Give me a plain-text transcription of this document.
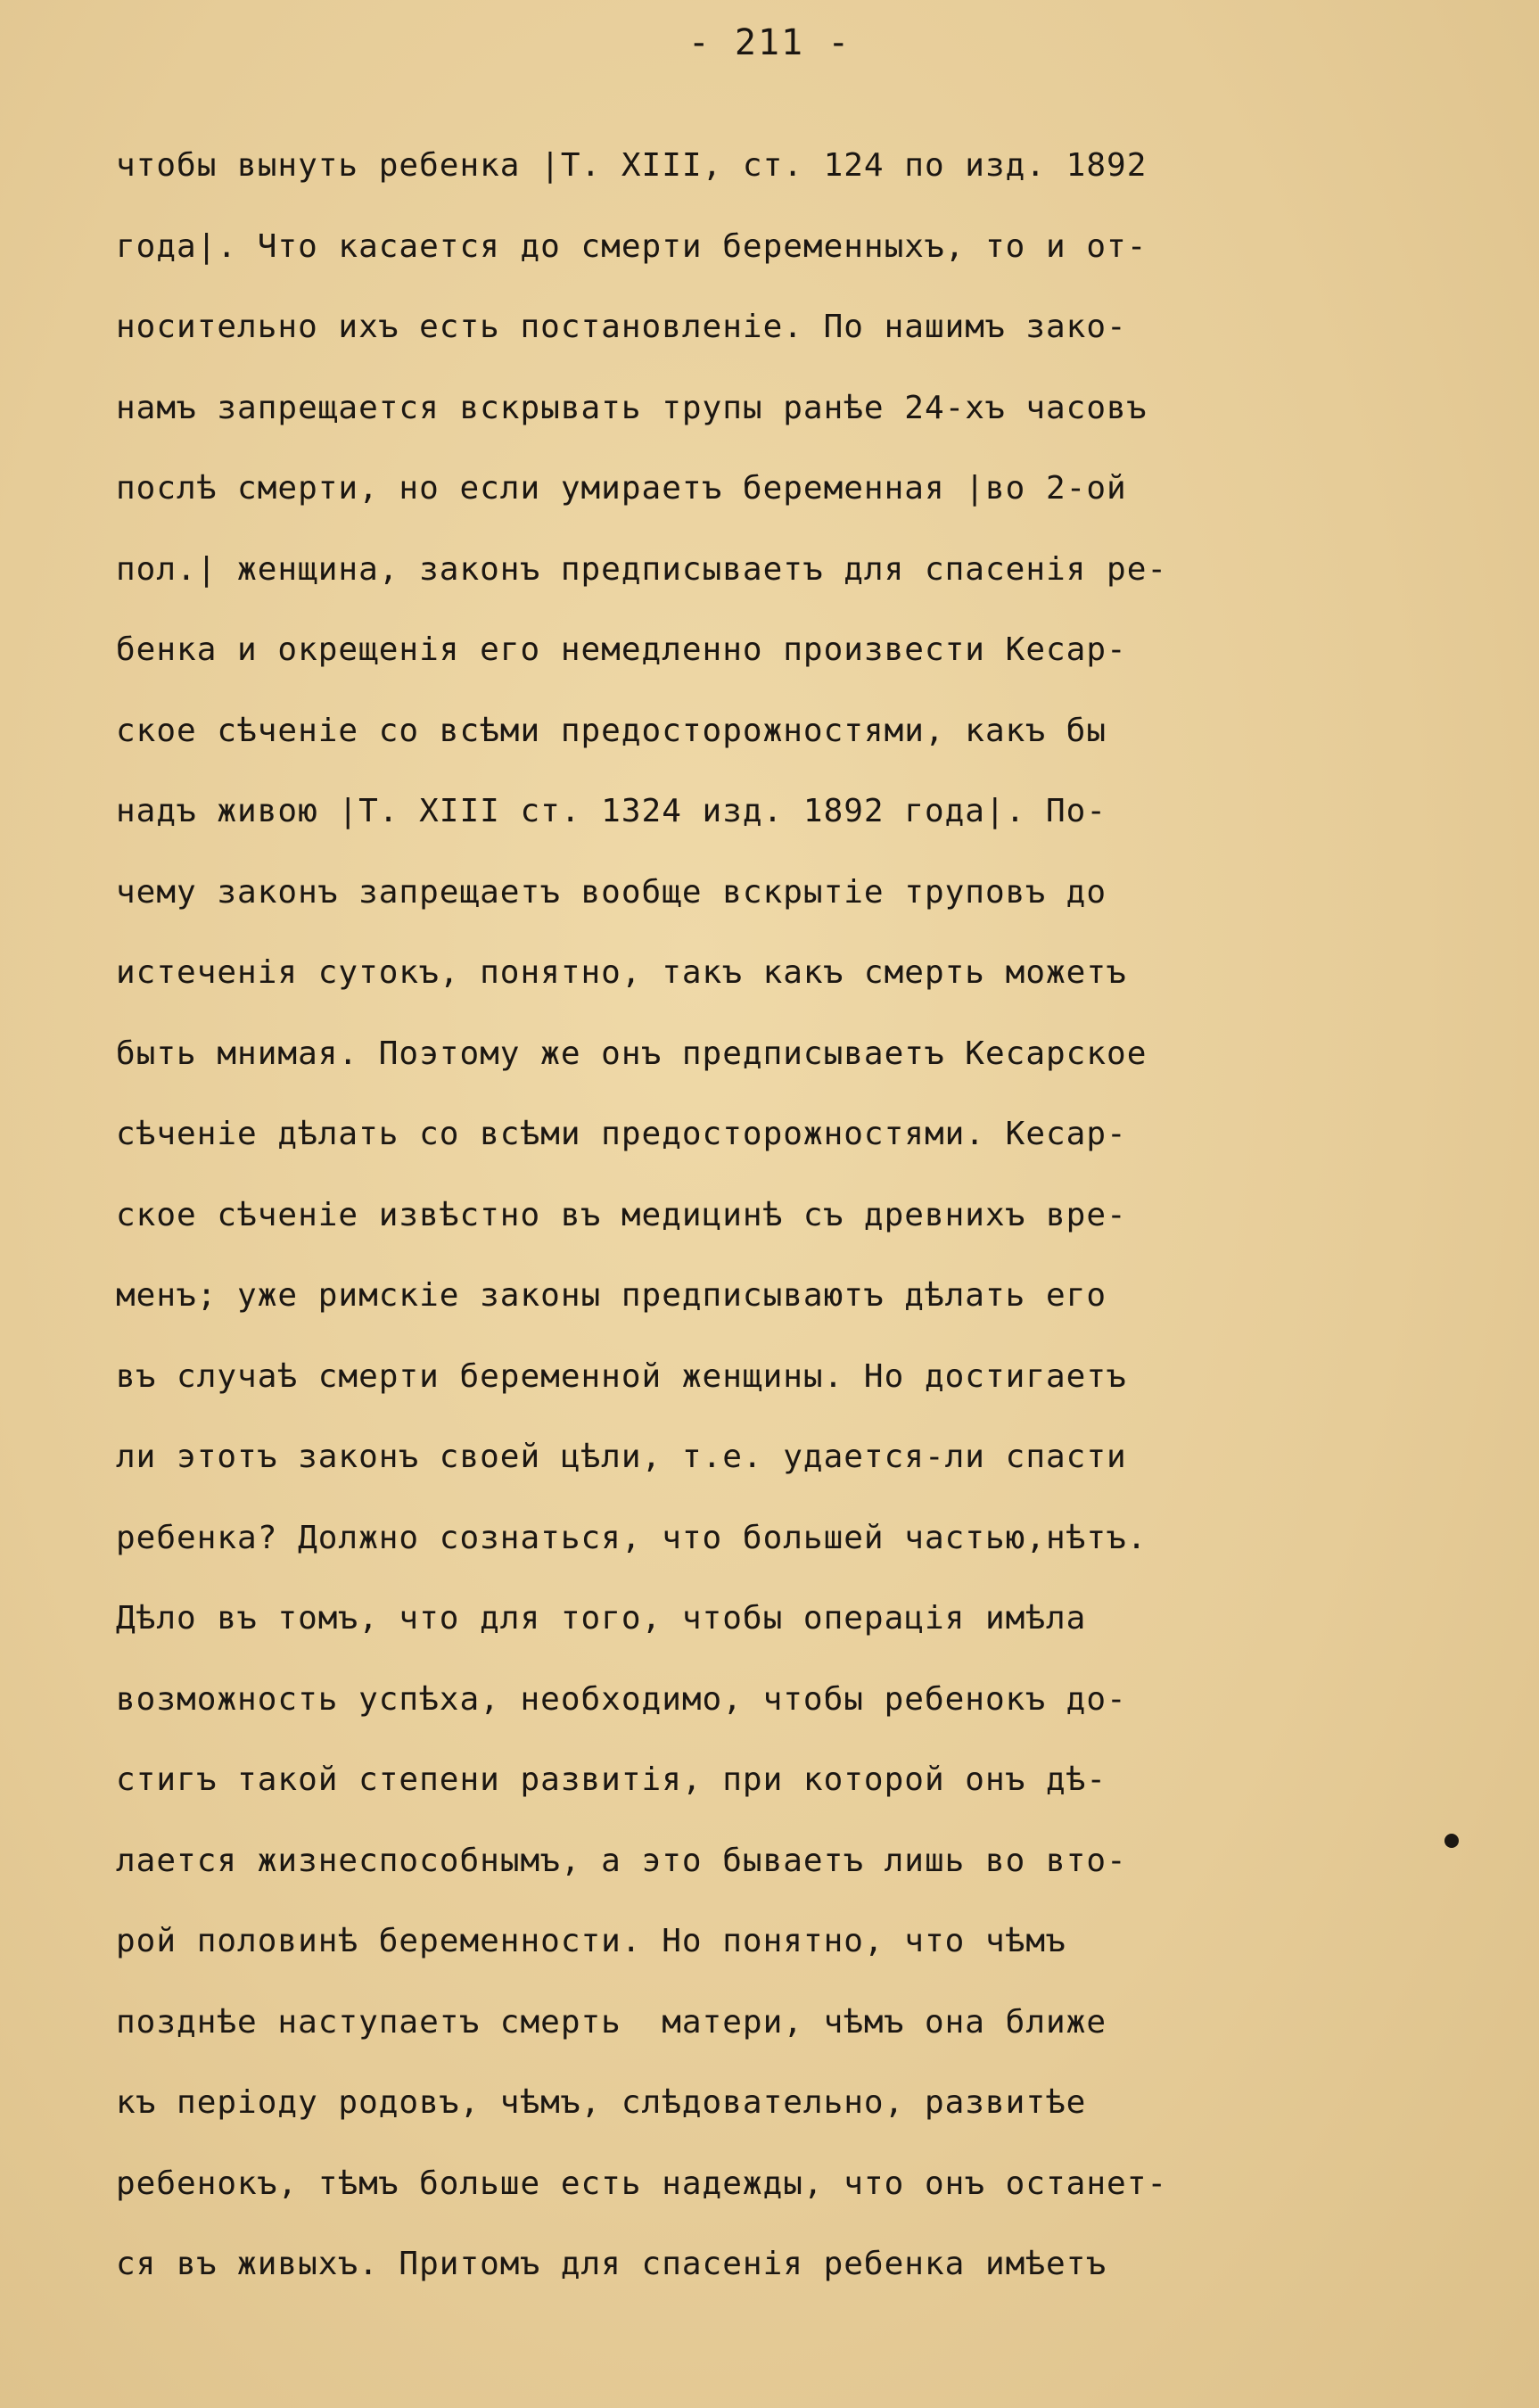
- 211 -
чтобы вынуть ребенка |Т. XIII, ст. 124 по изд. 1892
года|. Что касается до смерти беременныхъ, то и от-
носительно ихъ есть постановленіе. По нашимъ зако-
намъ запрещается вскрывать трупы ранѣе 24-хъ часовъ
послѣ смерти, но если умираетъ беременная |во 2-ой
пол.| женщина, законъ предписываетъ для спасенія ре-
бенка и окрещенія его немедленно произвести Кесар-
ское сѣченіе со всѣми предосторожностями, какъ бы
надъ живою |Т. XIII ст. 1324 изд. 1892 года|. По-
чему законъ запрещаетъ вообще вскрытіе труповъ до
истеченія сутокъ, понятно, такъ какъ смерть можетъ
быть мнимая. Поэтому же онъ предписываетъ Кесарское
сѣченіе дѣлать со всѣми предосторожностями. Кесар-
ское сѣченіе извѣстно въ медицинѣ съ древнихъ вре-
менъ; уже римскіе законы предписываютъ дѣлать его
въ случаѣ смерти беременной женщины. Но достигаетъ
ли этотъ законъ своей цѣли, т.е. удается-ли спасти
ребенка? Должно сознаться, что большей частью,нѣтъ.
Дѣло въ томъ, что для того, чтобы операція имѣла
возможность успѣха, необходимо, чтобы ребенокъ до-
стигъ такой степени развитія, при которой онъ дѣ-
лается жизнеспособнымъ, а это бываетъ лишь во вто-
рой половинѣ беременности. Но понятно, что чѣмъ
позднѣе наступаетъ смерть  матери, чѣмъ она ближе
къ періоду родовъ, чѣмъ, слѣдовательно, развитѣе
ребенокъ, тѣмъ больше есть надежды, что онъ останет-
ся въ живыхъ. Притомъ для спасенія ребенка имѣетъ
